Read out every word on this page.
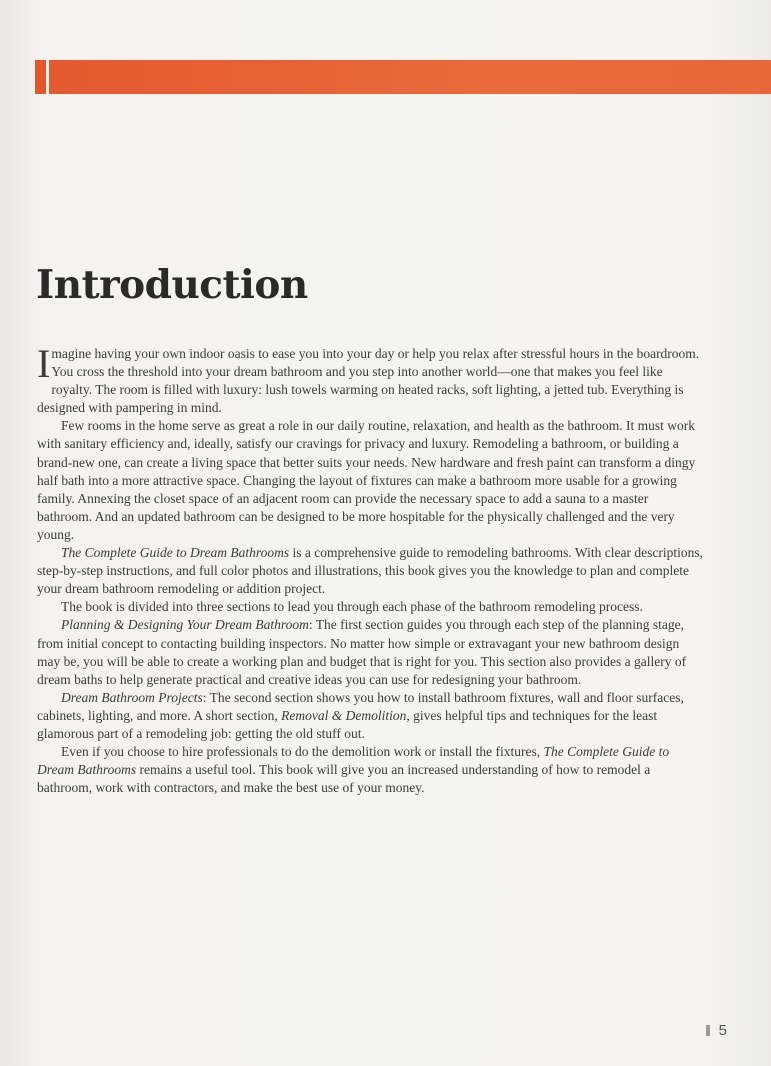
Introduction

Imagine having your own indoor oasis to ease you into your day or help you relax after stressful hours in the boardroom. You cross the threshold into your dream bathroom and you step into another world—one that makes you feel like royalty. The room is filled with luxury: lush towels warming on heated racks, soft lighting, a jetted tub. Everything is designed with pampering in mind.

Few rooms in the home serve as great a role in our daily routine, relaxation, and health as the bathroom. It must work with sanitary efficiency and, ideally, satisfy our cravings for privacy and luxury. Remodeling a bathroom, or building a brand-new one, can create a living space that better suits your needs. New hardware and fresh paint can transform a dingy half bath into a more attractive space. Changing the layout of fixtures can make a bathroom more usable for a growing family. Annexing the closet space of an adjacent room can provide the necessary space to add a sauna to a master bathroom. And an updated bathroom can be designed to be more hospitable for the physically challenged and the very young.

The Complete Guide to Dream Bathrooms is a comprehensive guide to remodeling bathrooms. With clear descriptions, step-by-step instructions, and full color photos and illustrations, this book gives you the knowledge to plan and complete your dream bathroom remodeling or addition project.

The book is divided into three sections to lead you through each phase of the bathroom remodeling process.

Planning & Designing Your Dream Bathroom: The first section guides you through each step of the planning stage, from initial concept to contacting building inspectors. No matter how simple or extravagant your new bathroom design may be, you will be able to create a working plan and budget that is right for you. This section also provides a gallery of dream baths to help generate practical and creative ideas you can use for redesigning your bathroom.

Dream Bathroom Projects: The second section shows you how to install bathroom fixtures, wall and floor surfaces, cabinets, lighting, and more. A short section, Removal & Demolition, gives helpful tips and techniques for the least glamorous part of a remodeling job: getting the old stuff out.

Even if you choose to hire professionals to do the demolition work or install the fixtures, The Complete Guide to Dream Bathrooms remains a useful tool. This book will give you an increased understanding of how to remodel a bathroom, work with contractors, and make the best use of your money.

5
